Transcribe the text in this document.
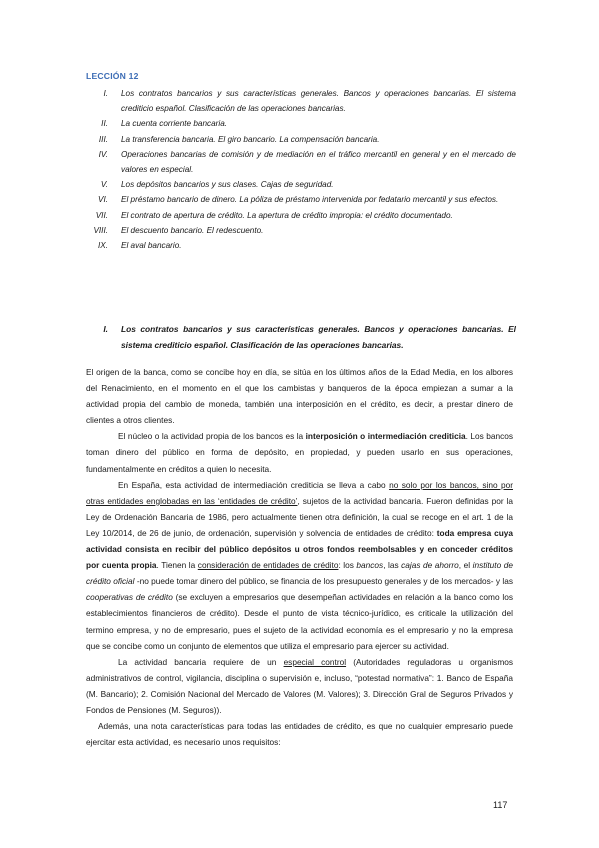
LECCIÓN 12
I. Los contratos bancarios y sus características generales. Bancos y operaciones bancarias. El sistema crediticio español. Clasificación de las operaciones bancarias.
II. La cuenta corriente bancaria.
III. La transferencia bancaria. El giro bancario. La compensación bancaria.
IV. Operaciones bancarias de comisión y de mediación en el tráfico mercantil en general y en el mercado de valores en especial.
V. Los depósitos bancarios y sus clases. Cajas de seguridad.
VI. El préstamo bancario de dinero. La póliza de préstamo intervenida por fedatario mercantil y sus efectos.
VII. El contrato de apertura de crédito. La apertura de crédito impropia: el crédito documentado.
VIII. El descuento bancario. El redescuento.
IX. El aval bancario.
I. Los contratos bancarios y sus características generales. Bancos y operaciones bancarias. El sistema crediticio español. Clasificación de las operaciones bancarias.

El origen de la banca, como se concibe hoy en día, se sitúa en los últimos años de la Edad Media, en los albores del Renacimiento, en el momento en el que los cambistas y banqueros de la época empiezan a sumar a la actividad propia del cambio de moneda, también una interposición en el crédito, es decir, a prestar dinero de clientes a otros clientes.

El núcleo o la actividad propia de los bancos es la interposición o intermediación crediticia. Los bancos toman dinero del público en forma de depósito, en propiedad, y pueden usarlo en sus operaciones, fundamentalmente en créditos a quien lo necesita.

En España, esta actividad de intermediación crediticia se lleva a cabo no solo por los bancos, sino por otras entidades englobadas en las ‘entidades de crédito’, sujetos de la actividad bancaria. Fueron definidas por la Ley de Ordenación Bancaria de 1986, pero actualmente tienen otra definición, la cual se recoge en el art. 1 de la Ley 10/2014, de 26 de junio, de ordenación, supervisión y solvencia de entidades de crédito: toda empresa cuya actividad consista en recibir del público depósitos u otros fondos reembolsables y en conceder créditos por cuenta propia. Tienen la consideración de entidades de crédito: los bancos, las cajas de ahorro, el instituto de crédito oficial -no puede tomar dinero del público, se financia de los presupuesto generales y de los mercados- y las cooperativas de crédito (se excluyen a empresarios que desempeñan actividades en relación a la banco como los establecimientos financieros de crédito). Desde el punto de vista técnico-jurídico, es criticale la utilización del termino empresa, y no de empresario, pues el sujeto de la actividad economía es el empresario y no la empresa que se concibe como un conjunto de elementos que utiliza el empresario para ejercer su actividad.

La actividad bancaria requiere de un especial control (Autoridades reguladoras u organismos administrativos de control, vigilancia, disciplina o supervisión e, incluso, “potestad normativa”: 1. Banco de España (M. Bancario); 2. Comisión Nacional del Mercado de Valores (M. Valores); 3. Dirección Gral de Seguros Privados y Fondos de Pensiones (M. Seguros)).

Además, una nota características para todas las entidades de crédito, es que no cualquier empresario puede ejercitar esta actividad, es necesario unos requisitos:

117
